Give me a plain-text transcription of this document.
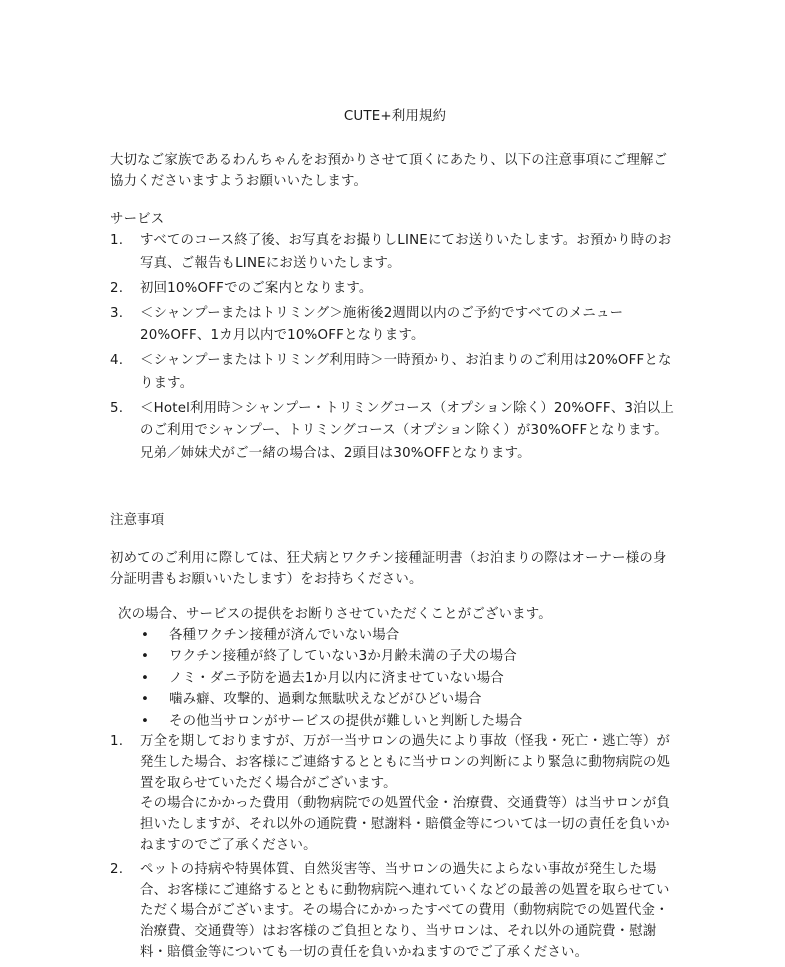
CUTE+利用規約

大切なご家族であるわんちゃんをお預かりさせて頂くにあたり、以下の注意事項にご理解ご協力くださいますようお願いいたします。

サービス
1. すべてのコース終了後、お写真をお撮りしLINEにてお送りいたします。お預かり時のお写真、ご報告もLINEにお送りいたします。
2. 初回10%OFFでのご案内となります。
3. ＜シャンプーまたはトリミング＞施術後2週間以内のご予約ですべてのメニュー20%OFF、1カ月以内で10%OFFとなります。
4. ＜シャンプーまたはトリミング利用時＞一時預かり、お泊まりのご利用は20%OFFとなります。
5. ＜Hotel利用時＞シャンプー・トリミングコース（オプション除く）20%OFF、3泊以上のご利用でシャンプー、トリミングコース（オプション除く）が30%OFFとなります。兄弟／姉妹犬がご一緒の場合は、2頭目は30%OFFとなります。
注意事項

初めてのご利用に際しては、狂犬病とワクチン接種証明書（お泊まりの際はオーナー様の身分証明書もお願いいたします）をお持ちください。

次の場合、サービスの提供をお断りさせていただくことがございます。

• 各種ワクチン接種が済んでいない場合
• ワクチン接種が終了していない3か月齢未満の子犬の場合
• ノミ・ダニ予防を過去1か月以内に済ませていない場合
• 噛み癖、攻撃的、過剰な無駄吠えなどがひどい場合
• その他当サロンがサービスの提供が難しいと判断した場合
1. 万全を期しておりますが、万が一当サロンの過失により事故（怪我・死亡・逃亡等）が発生した場合、お客様にご連絡するとともに当サロンの判断により緊急に動物病院の処置を取らせていただく場合がございます。
その場合にかかった費用（動物病院での処置代金・治療費、交通費等）は当サロンが負担いたしますが、それ以外の通院費・慰謝料・賠償金等については一切の責任を負いかねますのでご了承ください。
2. ペットの持病や特異体質、自然災害等、当サロンの過失によらない事故が発生した場合、お客様にご連絡するとともに動物病院へ連れていくなどの最善の処置を取らせていただく場合がございます。その場合にかかったすべての費用（動物病院での処置代金・治療費、交通費等）はお客様のご負担となり、当サロンは、それ以外の通院費・慰謝料・賠償金等についても一切の責任を負いかねますのでご了承ください。
